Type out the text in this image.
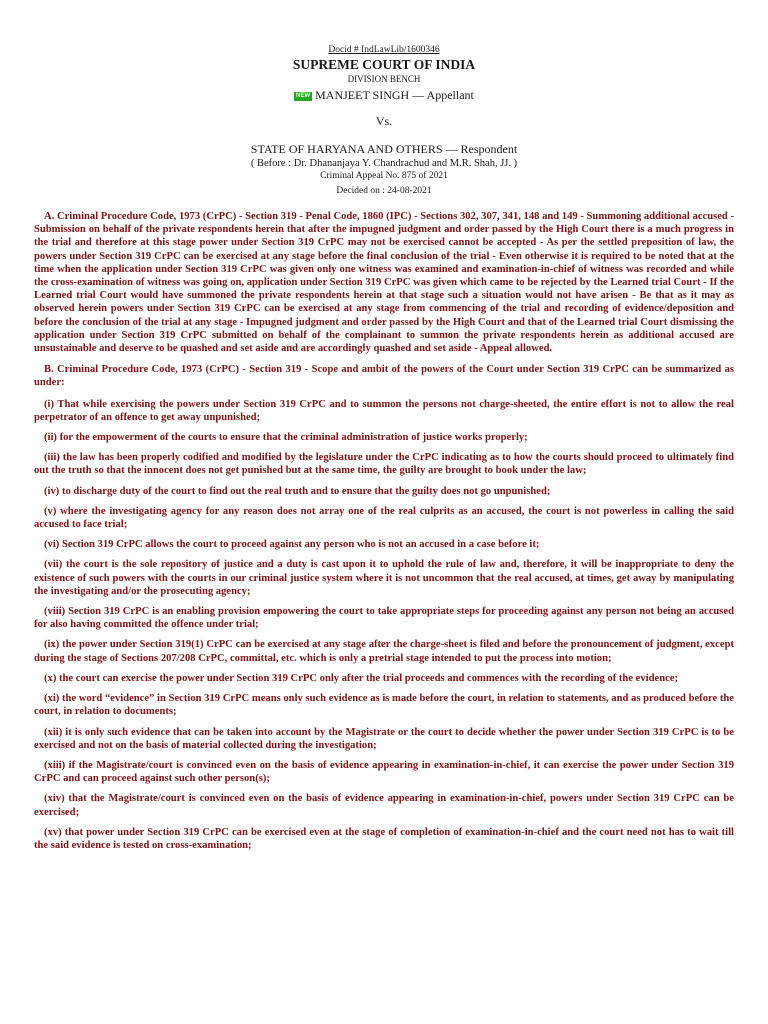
Docid # IndLawLib/1600346
SUPREME COURT OF INDIA
DIVISION BENCH
NEW MANJEET SINGH — Appellant
Vs.
STATE OF HARYANA AND OTHERS — Respondent
( Before : Dr. Dhananjaya Y. Chandrachud and M.R. Shah, JJ. )
Criminal Appeal No. 875 of 2021
Decided on : 24-08-2021

A. Criminal Procedure Code, 1973 (CrPC) - Section 319 - Penal Code, 1860 (IPC) - Sections 302, 307, 341, 148 and 149 - Summoning additional accused - Submission on behalf of the private respondents herein that after the impugned judgment and order passed by the High Court there is a much progress in the trial and therefore at this stage power under Section 319 CrPC may not be exercised cannot be accepted - As per the settled preposition of law, the powers under Section 319 CrPC can be exercised at any stage before the final conclusion of the trial - Even otherwise it is required to be noted that at the time when the application under Section 319 CrPC was given only one witness was examined and examination-in-chief of witness was recorded and while the cross-examination of witness was going on, application under Section 319 CrPC was given which came to be rejected by the Learned trial Court - If the Learned trial Court would have summoned the private respondents herein at that stage such a situation would not have arisen - Be that as it may as observed herein powers under Section 319 CrPC can be exercised at any stage from commencing of the trial and recording of evidence/deposition and before the conclusion of the trial at any stage - Impugned judgment and order passed by the High Court and that of the Learned trial Court dismissing the application under Section 319 CrPC submitted on behalf of the complainant to summon the private respondents herein as additional accused are unsustainable and deserve to be quashed and set aside and are accordingly quashed and set aside - Appeal allowed.

B. Criminal Procedure Code, 1973 (CrPC) - Section 319 - Scope and ambit of the powers of the Court under Section 319 CrPC can be summarized as under:

(i) That while exercising the powers under Section 319 CrPC and to summon the persons not charge-sheeted, the entire effort is not to allow the real perpetrator of an offence to get away unpunished;

(ii) for the empowerment of the courts to ensure that the criminal administration of justice works properly;

(iii) the law has been properly codified and modified by the legislature under the CrPC indicating as to how the courts should proceed to ultimately find out the truth so that the innocent does not get punished but at the same time, the guilty are brought to book under the law;

(iv) to discharge duty of the court to find out the real truth and to ensure that the guilty does not go unpunished;

(v) where the investigating agency for any reason does not array one of the real culprits as an accused, the court is not powerless in calling the said accused to face trial;

(vi) Section 319 CrPC allows the court to proceed against any person who is not an accused in a case before it;

(vii) the court is the sole repository of justice and a duty is cast upon it to uphold the rule of law and, therefore, it will be inappropriate to deny the existence of such powers with the courts in our criminal justice system where it is not uncommon that the real accused, at times, get away by manipulating the investigating and/or the prosecuting agency;

(viii) Section 319 CrPC is an enabling provision empowering the court to take appropriate steps for proceeding against any person not being an accused for also having committed the offence under trial;

(ix) the power under Section 319(1) CrPC can be exercised at any stage after the charge-sheet is filed and before the pronouncement of judgment, except during the stage of Sections 207/208 CrPC, committal, etc. which is only a pretrial stage intended to put the process into motion;

(x) the court can exercise the power under Section 319 CrPC only after the trial proceeds and commences with the recording of the evidence;

(xi) the word “evidence” in Section 319 CrPC means only such evidence as is made before the court, in relation to statements, and as produced before the court, in relation to documents;

(xii) it is only such evidence that can be taken into account by the Magistrate or the court to decide whether the power under Section 319 CrPC is to be exercised and not on the basis of material collected during the investigation;

(xiii) if the Magistrate/court is convinced even on the basis of evidence appearing in examination-in-chief, it can exercise the power under Section 319 CrPC and can proceed against such other person(s);

(xiv) that the Magistrate/court is convinced even on the basis of evidence appearing in examination-in-chief, powers under Section 319 CrPC can be exercised;

(xv) that power under Section 319 CrPC can be exercised even at the stage of completion of examination-in-chief and the court need not has to wait till the said evidence is tested on cross-examination;
